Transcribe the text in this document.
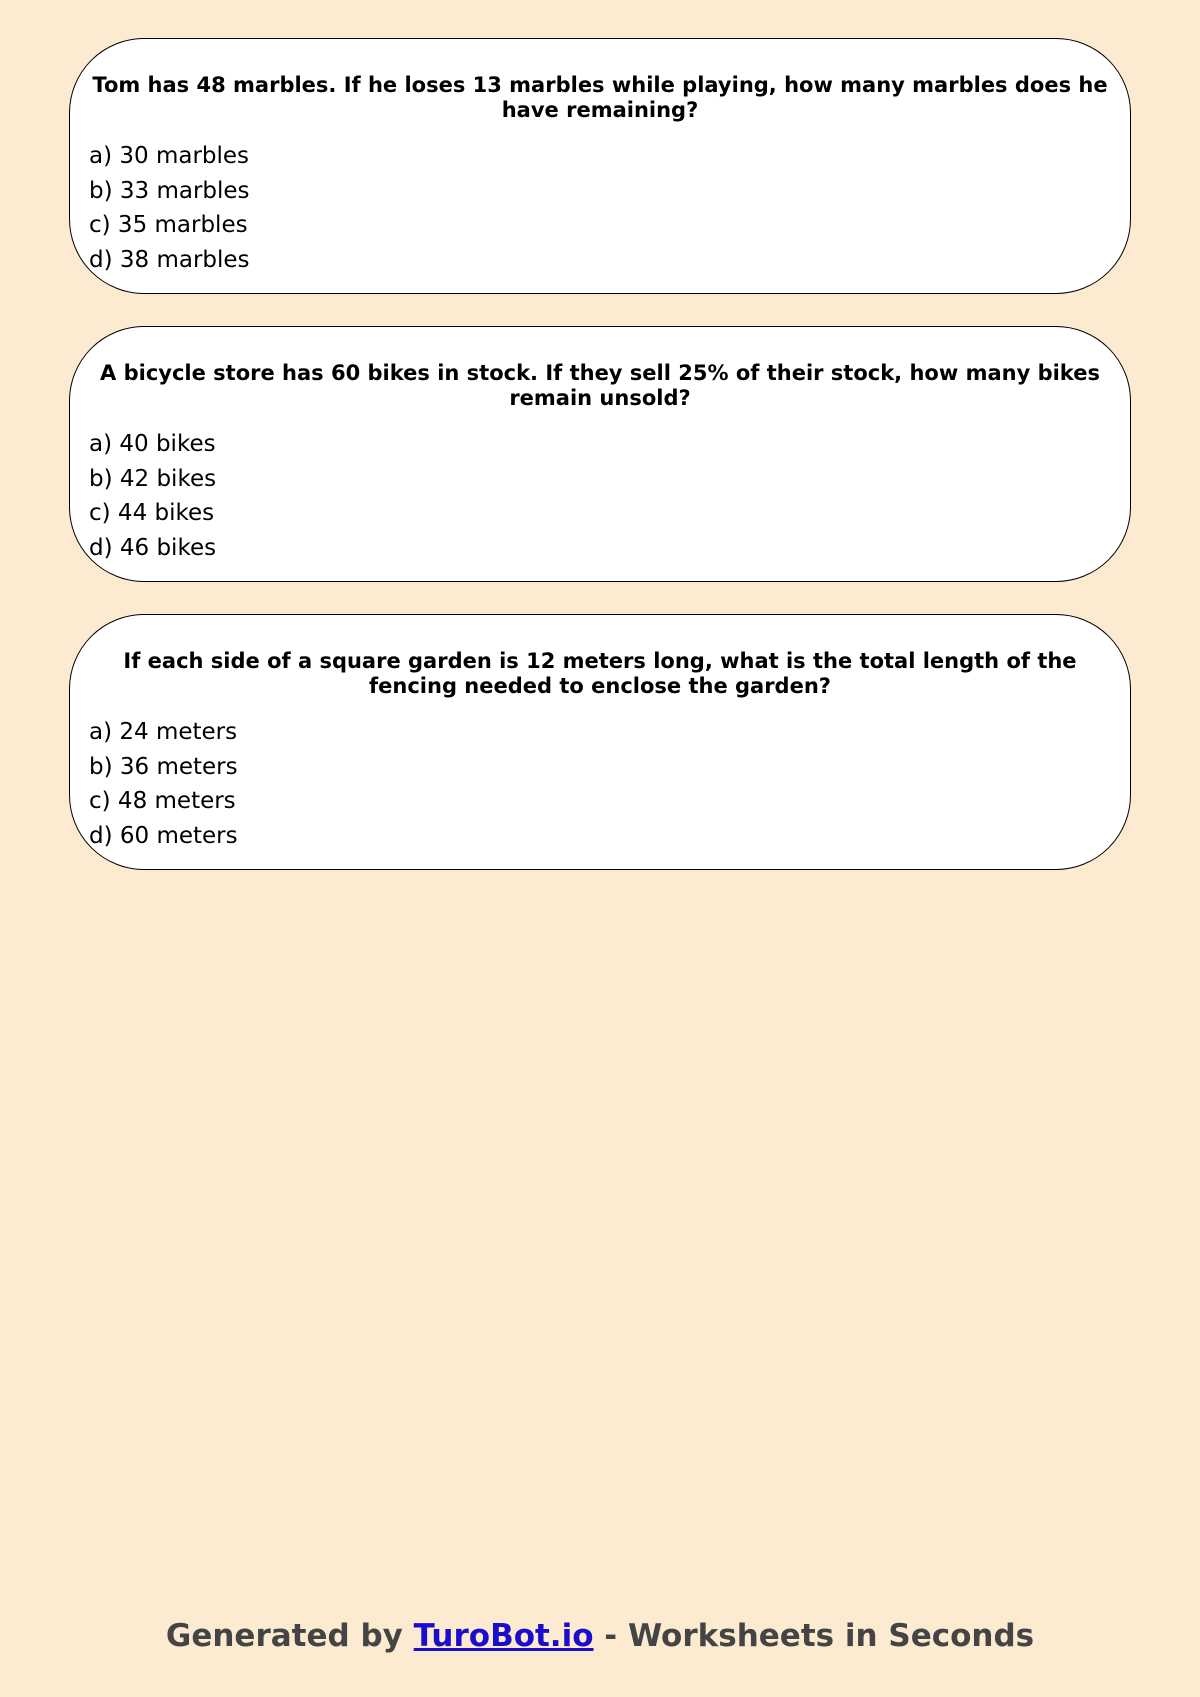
Tom has 48 marbles. If he loses 13 marbles while playing, how many marbles does he have remaining?

a) 30 marbles
b) 33 marbles
c) 35 marbles
d) 38 marbles

A bicycle store has 60 bikes in stock. If they sell 25% of their stock, how many bikes remain unsold?

a) 40 bikes
b) 42 bikes
c) 44 bikes
d) 46 bikes

If each side of a square garden is 12 meters long, what is the total length of the fencing needed to enclose the garden?

a) 24 meters
b) 36 meters
c) 48 meters
d) 60 meters
Generated by TuroBot.io - Worksheets in Seconds
